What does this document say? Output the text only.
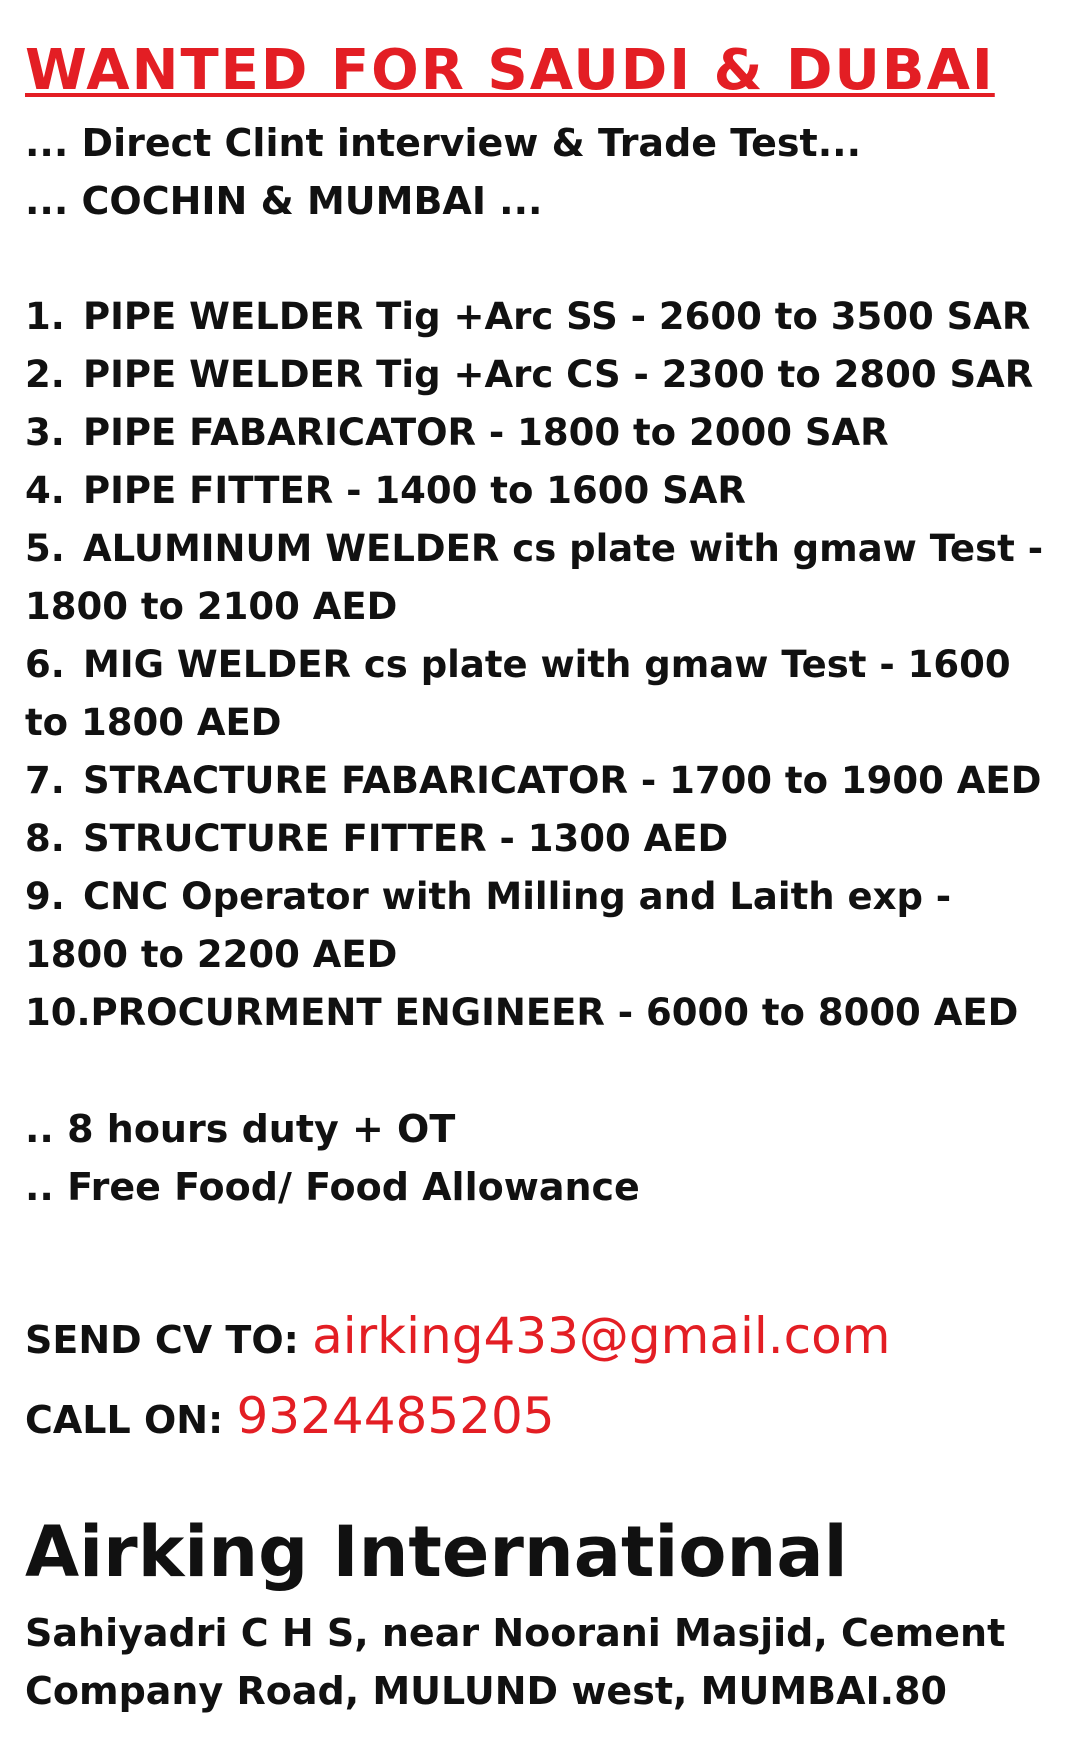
WANTED FOR SAUDI & DUBAI

... Direct Clint interview & Trade Test...

... COCHIN & MUMBAI ...

1. PIPE WELDER Tig +Arc SS - 2600 to 3500 SAR
2. PIPE WELDER Tig +Arc CS - 2300 to 2800 SAR
3. PIPE FABARICATOR - 1800 to 2000 SAR
4. PIPE FITTER - 1400 to 1600 SAR
5. ALUMINUM WELDER cs plate with gmaw Test - 1800 to 2100 AED
6. MIG WELDER cs plate with gmaw Test - 1600 to 1800 AED
7. STRACTURE FABARICATOR - 1700 to 1900 AED
8. STRUCTURE FITTER - 1300 AED
9. CNC Operator with Milling and Laith exp - 1800 to 2200 AED
10.PROCURMENT ENGINEER - 6000 to 8000 AED
.. 8 hours duty + OT
.. Free Food/ Food Allowance
SEND CV TO: airking433@gmail.com
CALL ON: 9324485205
Airking International
Sahiyadri C H S, near Noorani Masjid, Cement Company Road, MULUND west, MUMBAI.80
